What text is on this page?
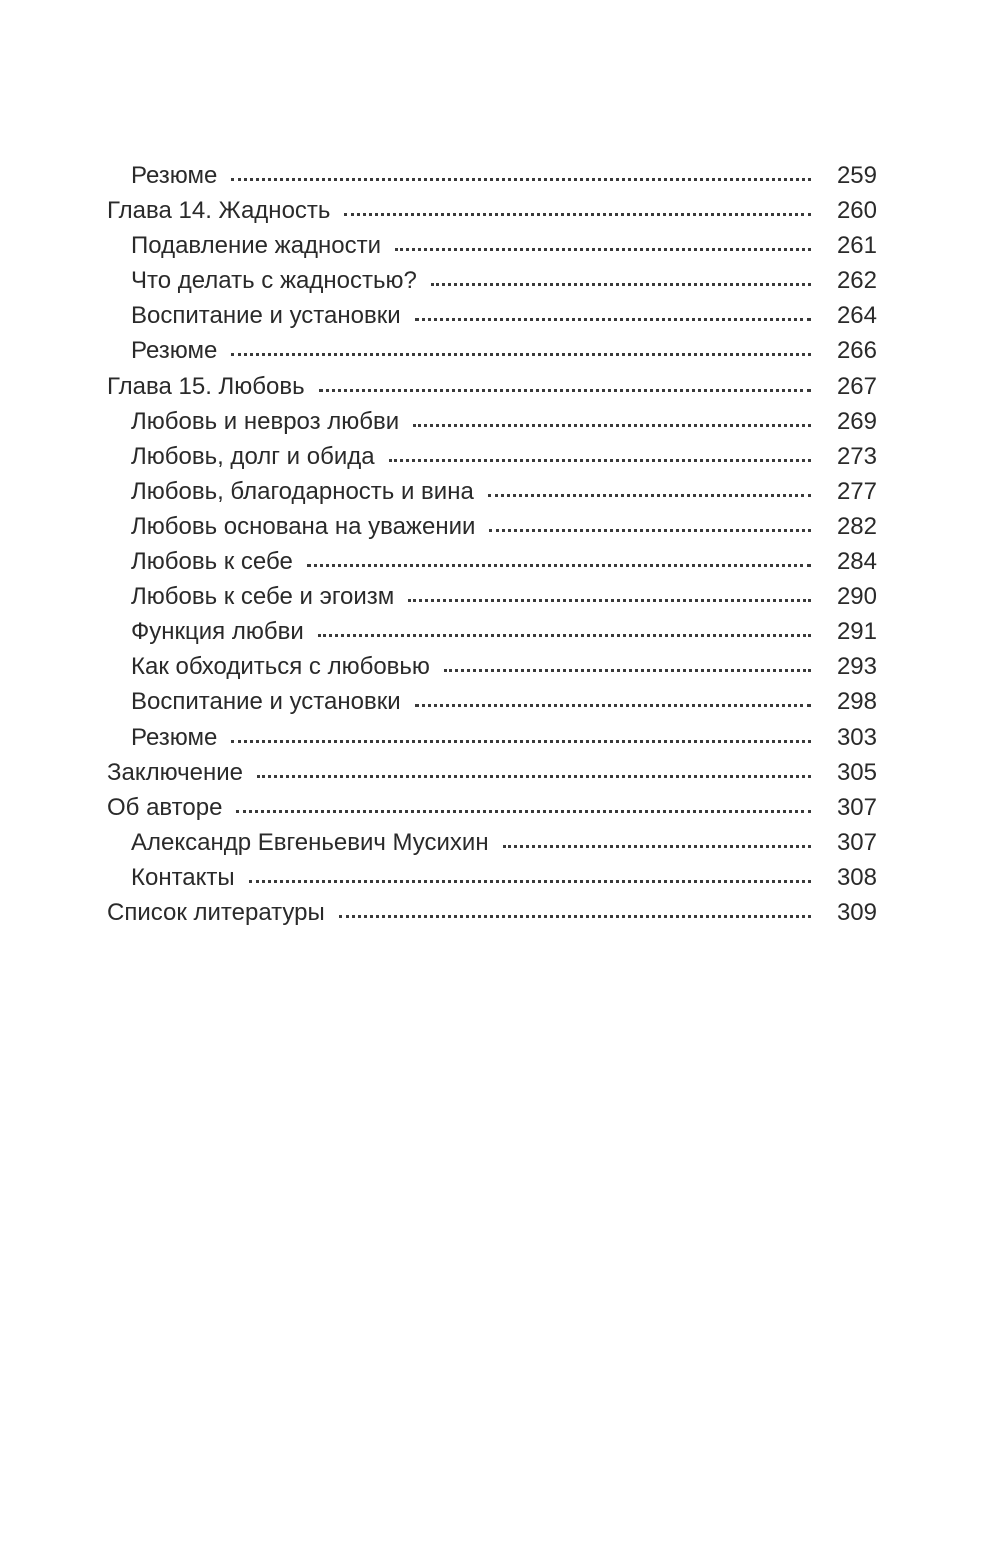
Резюме	259
Глава 14. Жадность	260
Подавление жадности	261
Что делать с жадностью?	262
Воспитание и установки	264
Резюме	266
Глава 15. Любовь	267
Любовь и невроз любви	269
Любовь, долг и обида	273
Любовь, благодарность и вина	277
Любовь основана на уважении	282
Любовь к себе	284
Любовь к себе и эгоизм	290
Функция любви	291
Как обходиться с любовью	293
Воспитание и установки	298
Резюме	303
Заключение	305
Об авторе	307
Александр Евгеньевич Мусихин	307
Контакты	308
Список литературы	309
